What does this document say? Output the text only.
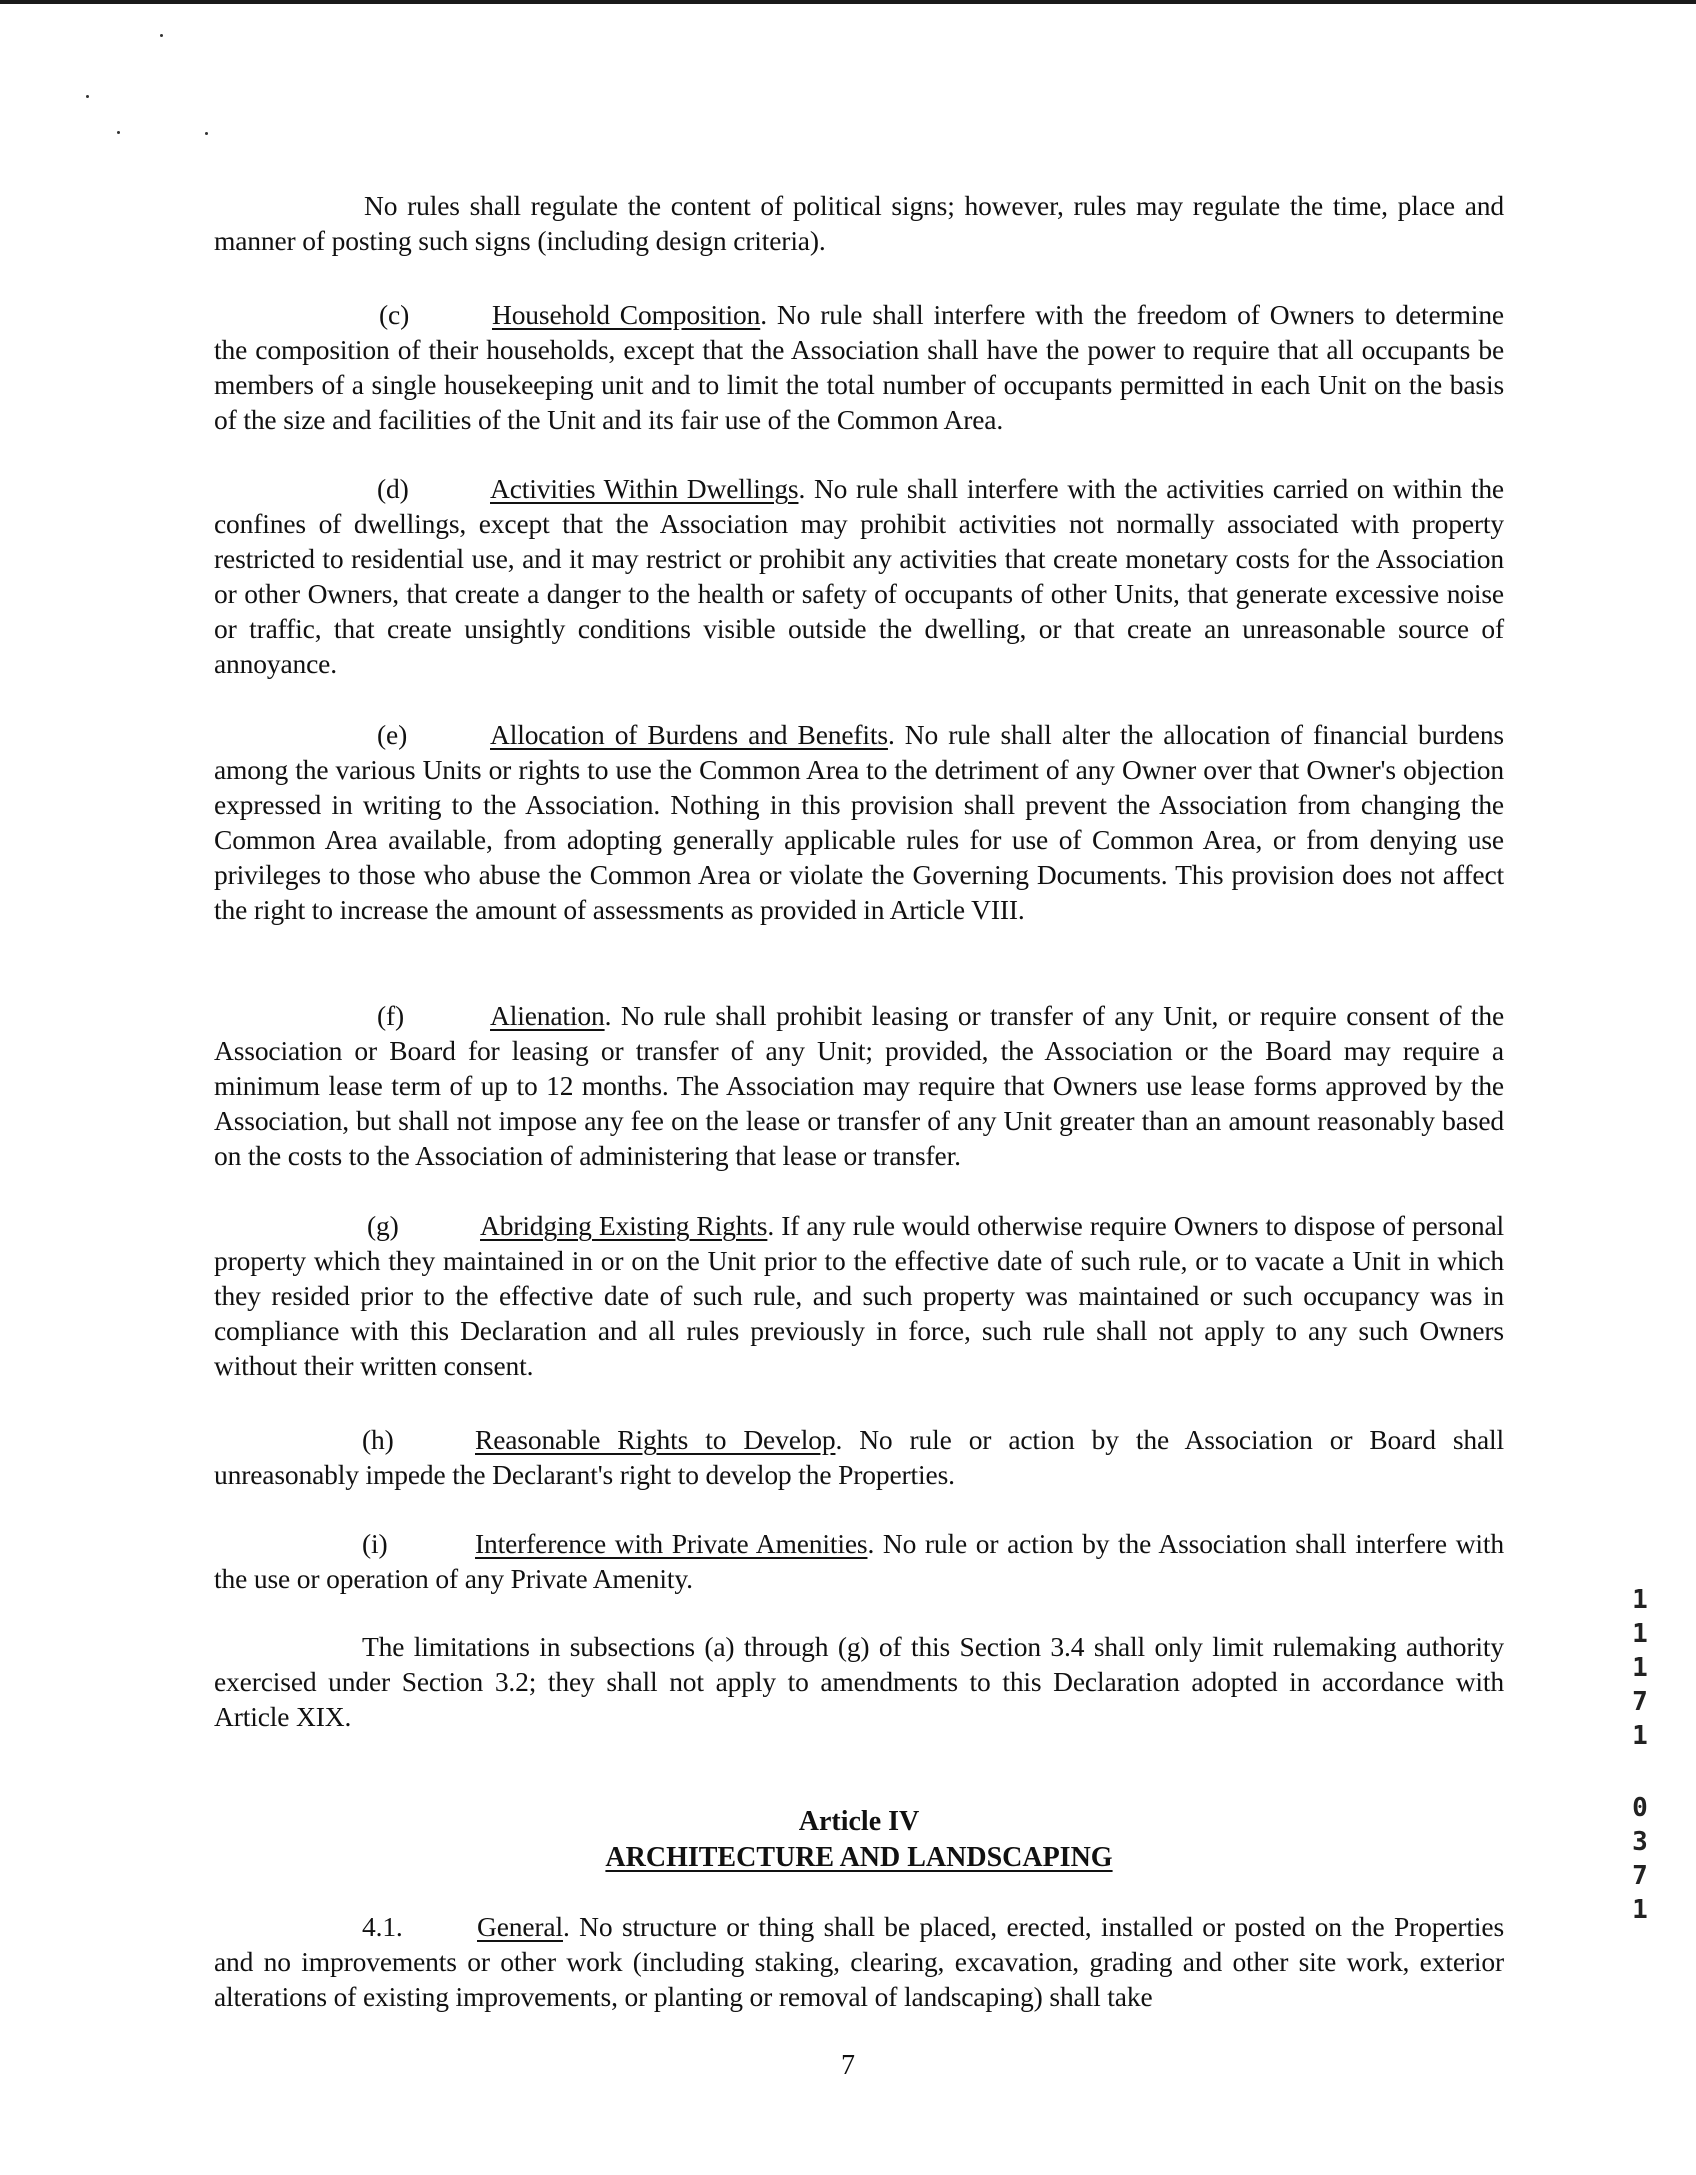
No rules shall regulate the content of political signs; however, rules may regulate the time, place and manner of posting such signs (including design criteria).

(c)	Household Composition. No rule shall interfere with the freedom of Owners to determine the composition of their households, except that the Association shall have the power to require that all occupants be members of a single housekeeping unit and to limit the total number of occupants permitted in each Unit on the basis of the size and facilities of the Unit and its fair use of the Common Area.

(d)	Activities Within Dwellings. No rule shall interfere with the activities carried on within the confines of dwellings, except that the Association may prohibit activities not normally associated with property restricted to residential use, and it may restrict or prohibit any activities that create monetary costs for the Association or other Owners, that create a danger to the health or safety of occupants of other Units, that generate excessive noise or traffic, that create unsightly conditions visible outside the dwelling, or that create an unreasonable source of annoyance.

(e)	Allocation of Burdens and Benefits. No rule shall alter the allocation of financial burdens among the various Units or rights to use the Common Area to the detriment of any Owner over that Owner's objection expressed in writing to the Association. Nothing in this provision shall prevent the Association from changing the Common Area available, from adopting generally applicable rules for use of Common Area, or from denying use privileges to those who abuse the Common Area or violate the Governing Documents. This provision does not affect the right to increase the amount of assessments as provided in Article VIII.

(f)	Alienation. No rule shall prohibit leasing or transfer of any Unit, or require consent of the Association or Board for leasing or transfer of any Unit; provided, the Association or the Board may require a minimum lease term of up to 12 months. The Association may require that Owners use lease forms approved by the Association, but shall not impose any fee on the lease or transfer of any Unit greater than an amount reasonably based on the costs to the Association of administering that lease or transfer.

(g)	Abridging Existing Rights. If any rule would otherwise require Owners to dispose of personal property which they maintained in or on the Unit prior to the effective date of such rule, or to vacate a Unit in which they resided prior to the effective date of such rule, and such property was maintained or such occupancy was in compliance with this Declaration and all rules previously in force, such rule shall not apply to any such Owners without their written consent.

(h)	Reasonable Rights to Develop. No rule or action by the Association or Board shall unreasonably impede the Declarant's right to develop the Properties.

(i)	Interference with Private Amenities. No rule or action by the Association shall interfere with the use or operation of any Private Amenity.

The limitations in subsections (a) through (g) of this Section 3.4 shall only limit rulemaking authority exercised under Section 3.2; they shall not apply to amendments to this Declaration adopted in accordance with Article XIX.

Article IV
ARCHITECTURE AND LANDSCAPING

4.1.	General. No structure or thing shall be placed, erected, installed or posted on the Properties and no improvements or other work (including staking, clearing, excavation, grading and other site work, exterior alterations of existing improvements, or planting or removal of landscaping) shall take

7
1
1
1
7
1
0
3
7
1
